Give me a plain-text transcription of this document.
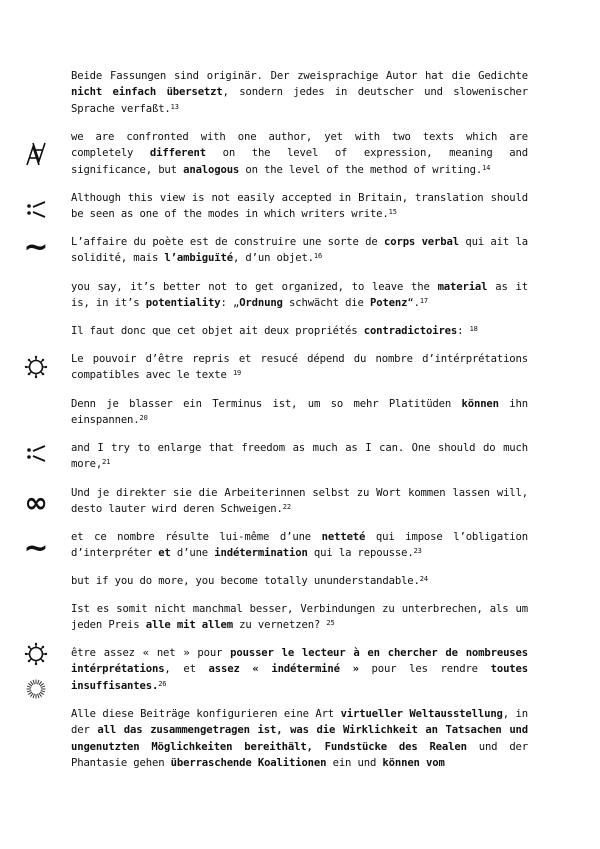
Beide Fassungen sind originär. Der zweisprachige Autor hat die Gedichte nicht einfach übersetzt, sondern jedes in deutscher und slowenischer Sprache verfaßt.$^{13}$
we are confronted with one author, yet with two texts which are completely different on the level of expression, meaning and significance, but analogous on the level of the method of writing.$^{14}$
Although this view is not easily accepted in Britain, translation should be seen as one of the modes in which writers write.$^{15}$
L’affaire du poète est de construire une sorte de corps verbal qui ait la solidité, mais l’ambiguïté, d’un objet.$^{16}$
~
you say, it’s better not to get organized, to leave the material as it is, in it’s potentiality: „Ordnung schwächt die Potenz“.$^{17}$
Il faut donc que cet objet ait deux propriétés contradictoires: $^{18}$
Le pouvoir d’être repris et resucé dépend du nombre d’intérprétations compatibles avec le texte $^{19}$
Denn je blasser ein Terminus ist, um so mehr Platitüden können ihn einspannen.$^{20}$
and I try to enlarge that freedom as much as I can. One should do much more,$^{21}$
Und je direkter sie die Arbeiterinnen selbst zu Wort kommen lassen will, desto lauter wird deren Schweigen.$^{22}$
∞
et ce nombre résulte lui-même d’une netteté qui impose l’obligation d’interpréter et d’une indétermination qui la repousse.$^{23}$
~
but if you do more, you become totally ununderstandable.$^{24}$
Ist es somit nicht manchmal besser, Verbindungen zu unterbrechen, als um jeden Preis alle mit allem zu vernetzen? $^{25}$
être assez « net » pour pousser le lecteur à en chercher de nombreuses intérprétations, et assez « indéterminé » pour les rendre toutes insuffisantes.$^{26}$
Alle diese Beiträge konfigurieren eine Art virtueller Weltausstellung, in der all das zusammengetragen ist, was die Wirklichkeit an Tatsachen und ungenutzten Möglichkeiten bereithält, Fundstücke des Realen und der Phantasie gehen überraschende Koalitionen ein und können vom
